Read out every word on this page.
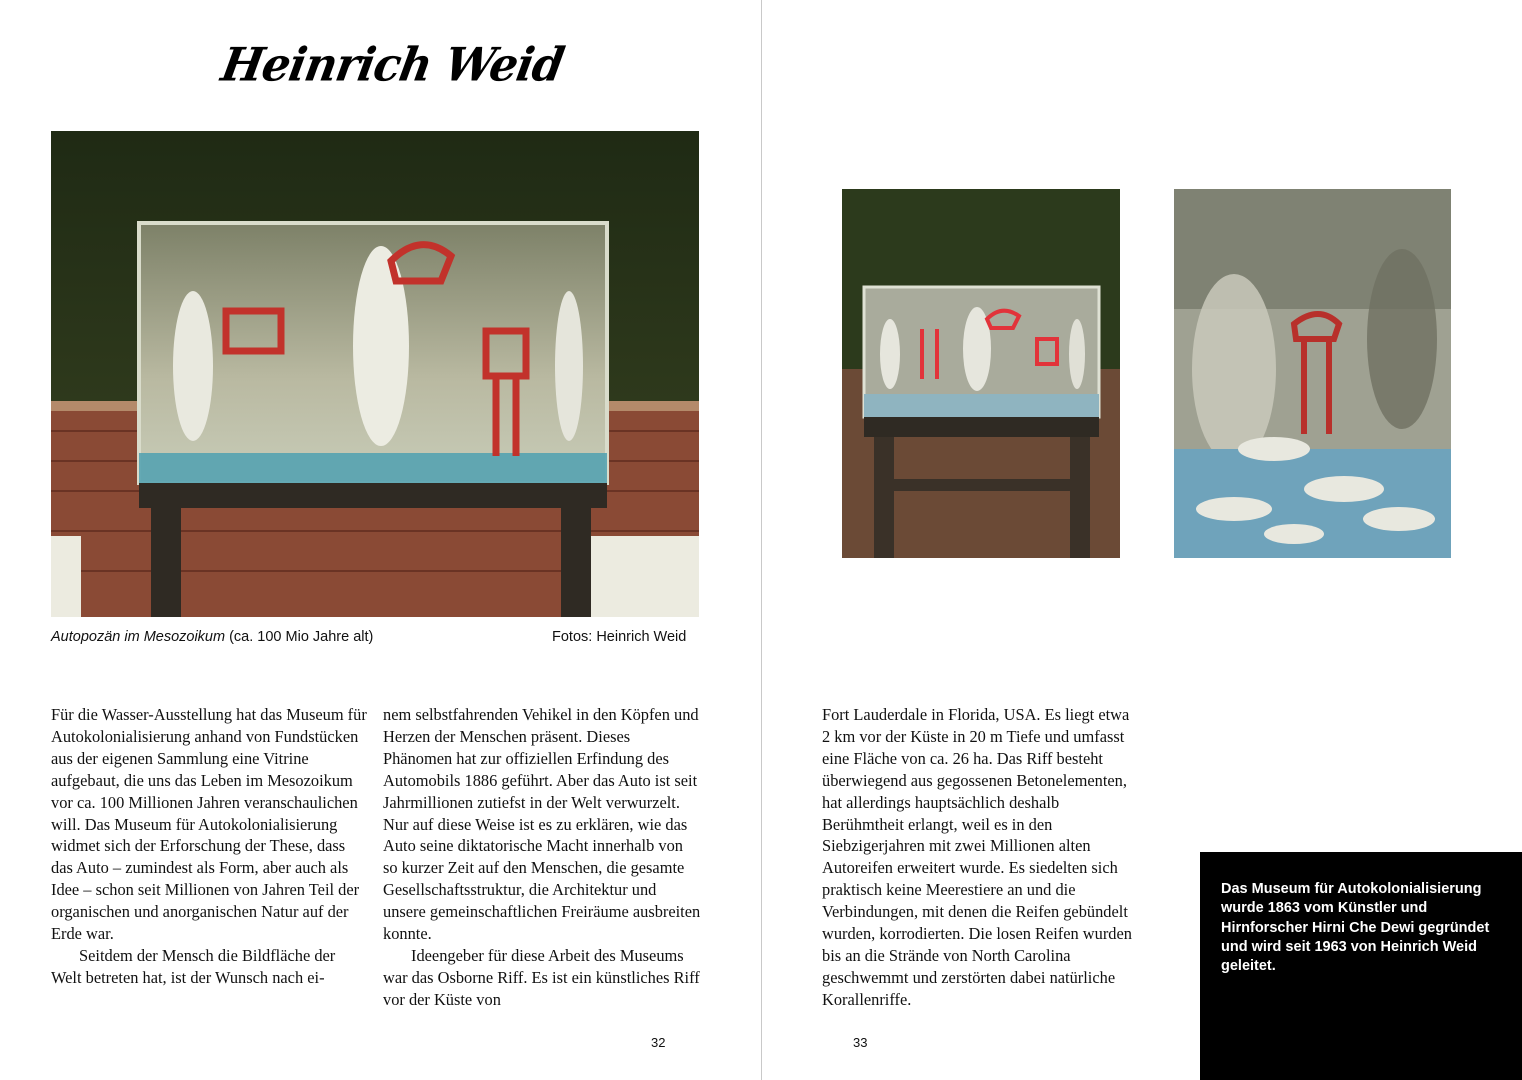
Heinrich Weid
Autopozän im Mesozoikum (ca. 100 Mio Jahre alt)	Fotos: Heinrich Weid

Für die Wasser-Ausstellung hat das Museum für Autokolonialisierung anhand von Fundstücken aus der eigenen Sammlung eine Vitrine aufgebaut, die uns das Leben im Mesozoikum vor ca. 100 Millionen Jahren veranschaulichen will. Das Museum für Autokolonialisierung widmet sich der Erforschung der These, dass das Auto – zumindest als Form, aber auch als Idee – schon seit Millionen von Jahren Teil der organischen und anorganischen Natur auf der Erde war.

Seitdem der Mensch die Bildfläche der Welt betreten hat, ist der Wunsch nach ei-

nem selbstfahrenden Vehikel in den Köpfen und Herzen der Menschen präsent. Dieses Phänomen hat zur offiziellen Erfindung des Automobils 1886 geführt. Aber das Auto ist seit Jahrmillionen zutiefst in der Welt verwurzelt. Nur auf diese Weise ist es zu erklären, wie das Auto seine diktatorische Macht innerhalb von so kurzer Zeit auf den Menschen, die gesamte Gesellschaftsstruktur, die Architektur und unsere gemeinschaftlichen Freiräume ausbreiten konnte.

Ideengeber für diese Arbeit des Museums war das Osborne Riff. Es ist ein künstliches Riff vor der Küste von

32

Fort Lauderdale in Florida, USA. Es liegt etwa 2 km vor der Küste in 20 m Tiefe und umfasst eine Fläche von ca. 26 ha. Das Riff besteht überwiegend aus gegossenen Betonelementen, hat allerdings hauptsächlich deshalb Berühmtheit erlangt, weil es in den Siebzigerjahren mit zwei Millionen alten Autoreifen erweitert wurde. Es siedelten sich praktisch keine Meerestiere an und die Verbindungen, mit denen die Reifen gebündelt wurden, korrodierten. Die losen Reifen wurden bis an die Strände von North Carolina geschwemmt und zerstörten dabei natürliche Korallenriffe.

33

Das Museum für Autokolonialisierung wurde 1863 vom Künstler und Hirnforscher Hirni Che Dewi gegründet und wird seit 1963 von Heinrich Weid geleitet.
